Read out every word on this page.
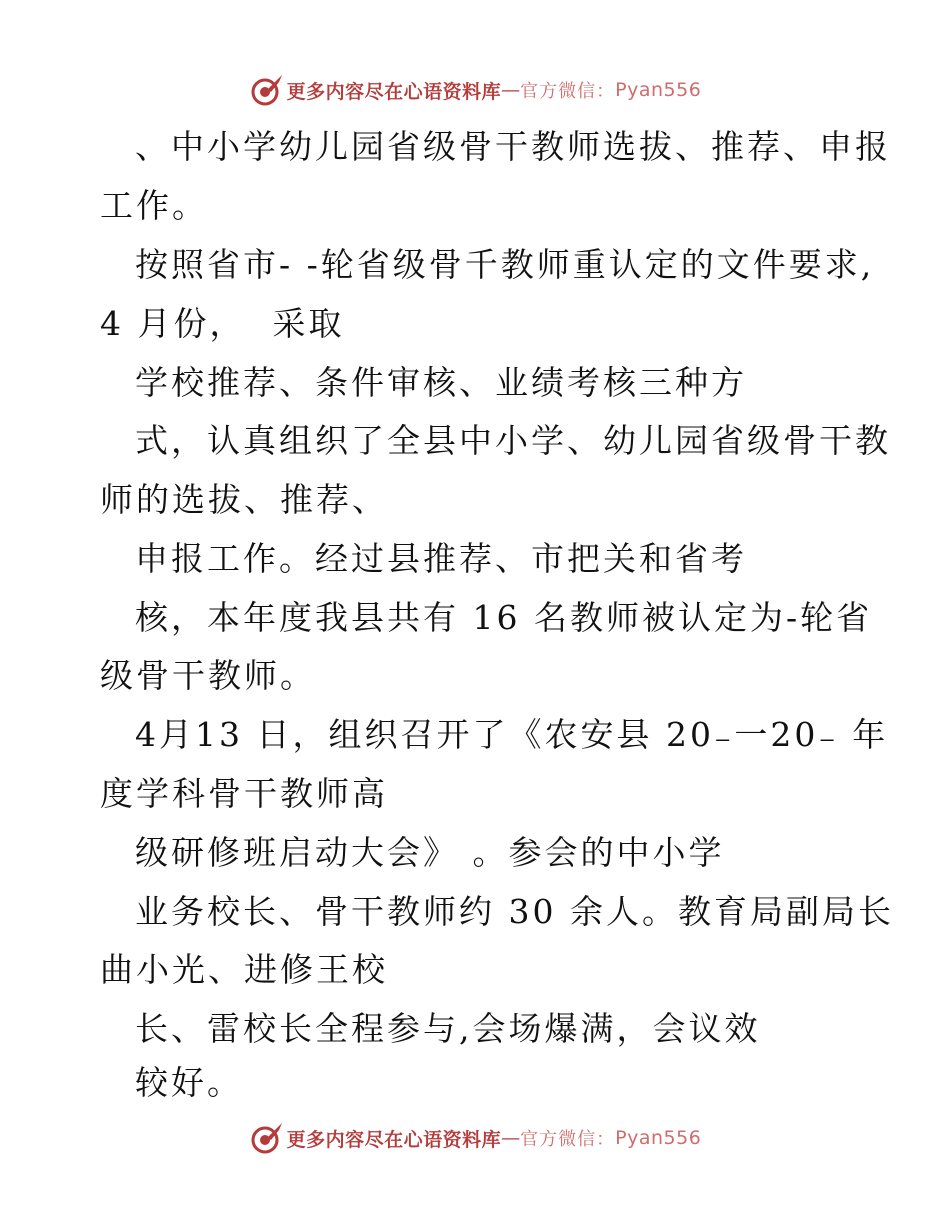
更多内容尽在心语资料库 — 官方微信： Pyan556
、中小学幼儿园省级骨干教师选拔、推荐、申报
工作。
按照省市- -轮省级骨千教师重认定的文件要求,
4 月份，  采取
学校推荐、条件审核、业绩考核三种方
式，认真组织了全县中小学、幼儿园省级骨干教
师的选拔、推荐、
申报工作。经过县推荐、市把关和省考
核，本年度我县共有 16 名教师被认定为-轮省
级骨干教师。
4月13 日，组织召开了《农安县 20₋一20₋ 年
度学科骨干教师高
级研修班启动大会》 。参会的中小学
业务校长、骨干教师约 30 余人。教育局副局长
曲小光、进修王校
长、雷校长全程参与,会场爆满，会议效
较好。
更多内容尽在心语资料库 — 官方微信： Pyan556
